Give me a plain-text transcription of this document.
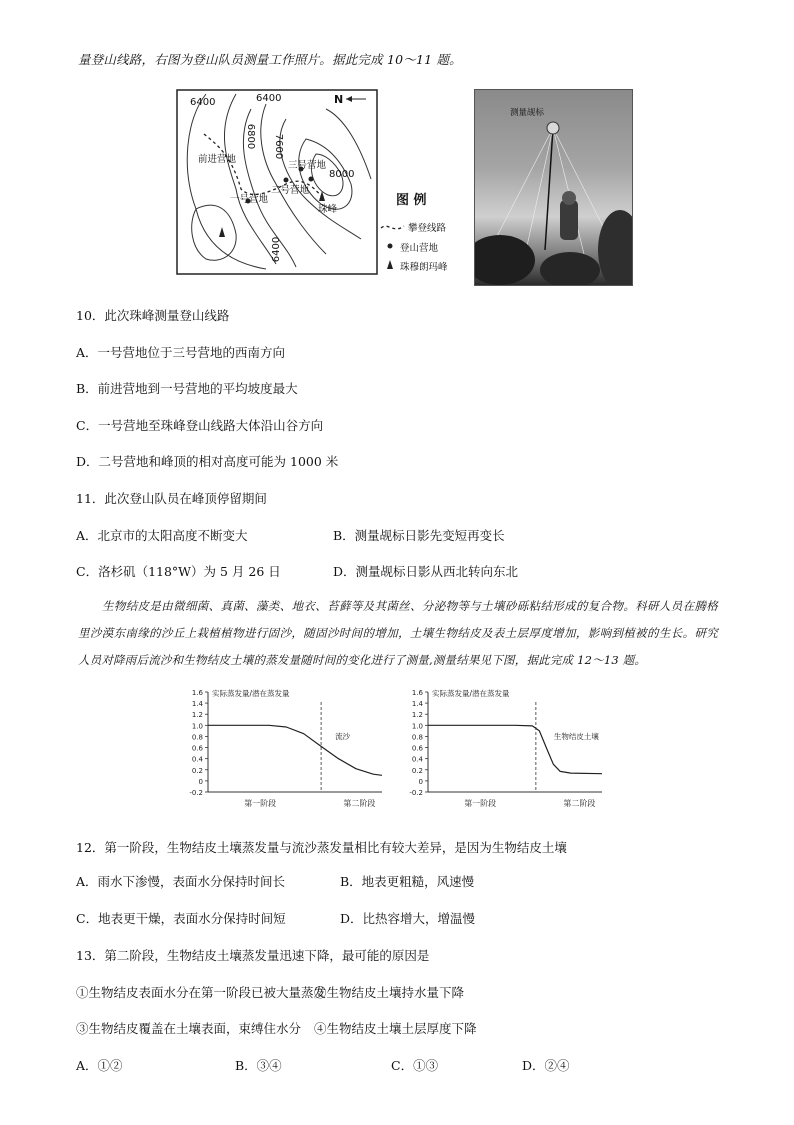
量登山线路，右图为登山队员测量工作照片。据此完成 10～11 题。
6400	6400
6800 7600
8000
6400
N
前进营地
一号营地
二号营地
三号营地
珠峰
图 例
攀登线路
登山营地
珠穆朗玛峰
测量觇标
10．此次珠峰测量登山线路
A．一号营地位于三号营地的西南方向
B．前进营地到一号营地的平均坡度最大
C．一号营地至珠峰登山线路大体沿山谷方向
D．二号营地和峰顶的相对高度可能为 1000 米
11．此次登山队员在峰顶停留期间
A．北京市的太阳高度不断变大	B．测量觇标日影先变短再变长
C．洛杉矶（118°W）为 5 月 26 日	D．测量觇标日影从西北转向东北
生物结皮是由微细菌、真菌、藻类、地衣、苔藓等及其菌丝、分泌物等与土壤砂砾粘结形成的复合物。科研人员在腾格里沙漠东南缘的沙丘上栽植植物进行固沙，随固沙时间的增加，土壤生物结皮及表土层厚度增加，影响到植被的生长。研究人员对降雨后流沙和生物结皮土壤的蒸发量随时间的变化进行了测量,测量结果见下图，据此完成 12～13 题。
1.6
1.4
1.2
1.0
0.8
0.6
0.4
0.2
0
-0.2
实际蒸发量/潜在蒸发量
流沙
第一阶段	第二阶段
1.6
1.4
1.2
1.0
0.8
0.6
0.4
0.2
0
-0.2
实际蒸发量/潜在蒸发量
生物结皮土壤
第一阶段	第二阶段
12．第一阶段，生物结皮土壤蒸发量与流沙蒸发量相比有较大差异，是因为生物结皮土壤
A．雨水下渗慢，表面水分保持时间长	B．地表更粗糙，风速慢
C．地表更干燥，表面水分保持时间短	D．比热容增大，增温慢
13．第二阶段，生物结皮土壤蒸发量迅速下降，最可能的原因是
①生物结皮表面水分在第一阶段已被大量蒸发
②生物结皮土壤持水量下降
③生物结皮覆盖在土壤表面，束缚住水分 ④生物结皮土壤土层厚度下降
A．①②	B．③④	C．①③	D．②④
